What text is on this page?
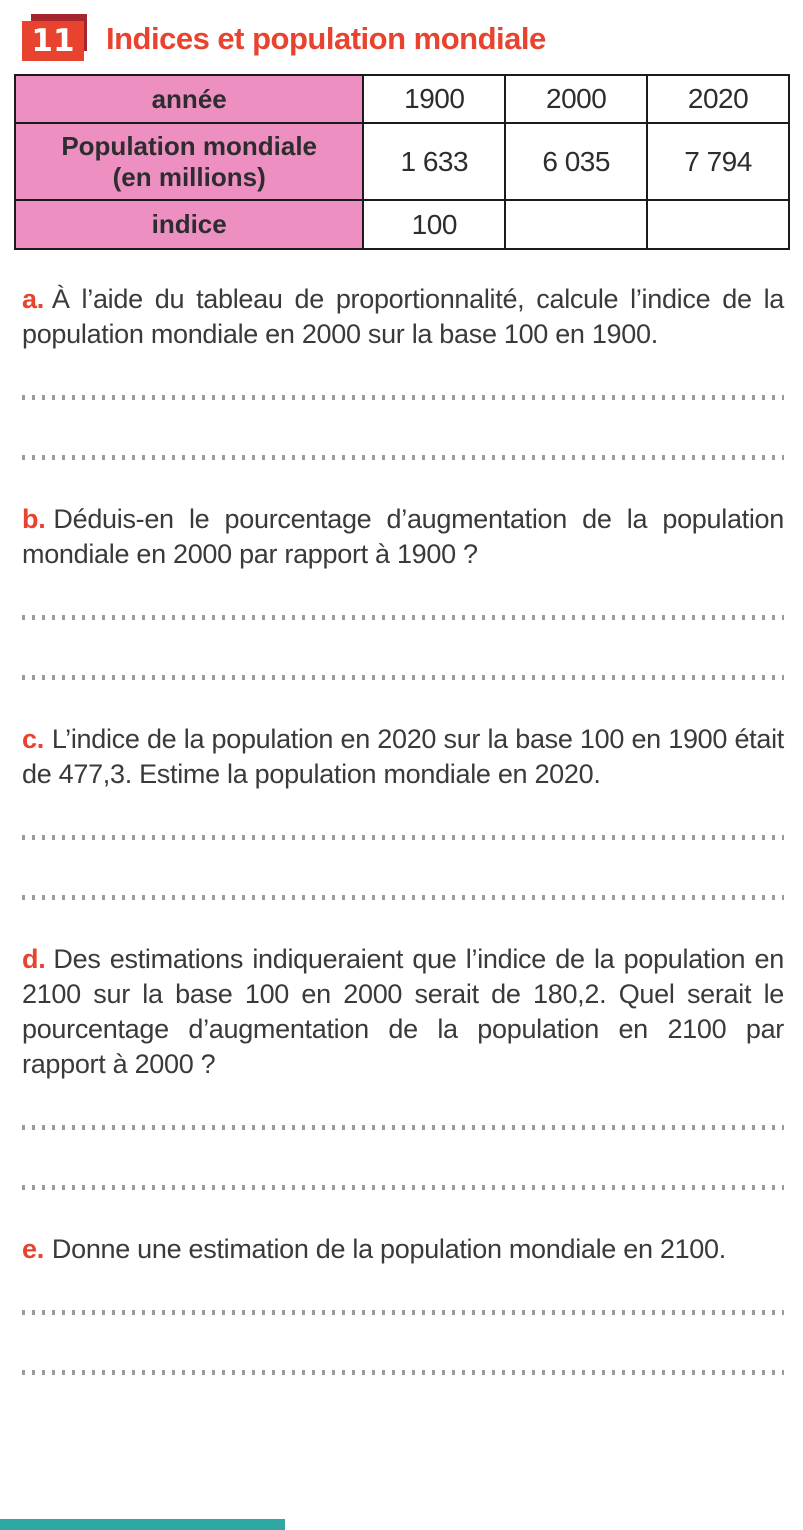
11	Indices et population mondiale
année	1900	2000	2020

Population mondiale
(en millions)	1 633	6 035	7 794
indice	100		

a. À l’aide du tableau de proportionnalité, calcule l’indice de la population mondiale en 2000 sur la base 100 en 1900.

b. Déduis-en le pourcentage d’augmentation de la population mondiale en 2000 par rapport à 1900 ?

c. L’indice de la population en 2020 sur la base 100 en 1900 était de 477,3. Estime la population mondiale en 2020.

d. Des estimations indiqueraient que l’indice de la population en 2100 sur la base 100 en 2000 serait de 180,2. Quel serait le pourcentage d’augmentation de la population en 2100 par rapport à 2000 ?

e. Donne une estimation de la population mondiale en 2100.
